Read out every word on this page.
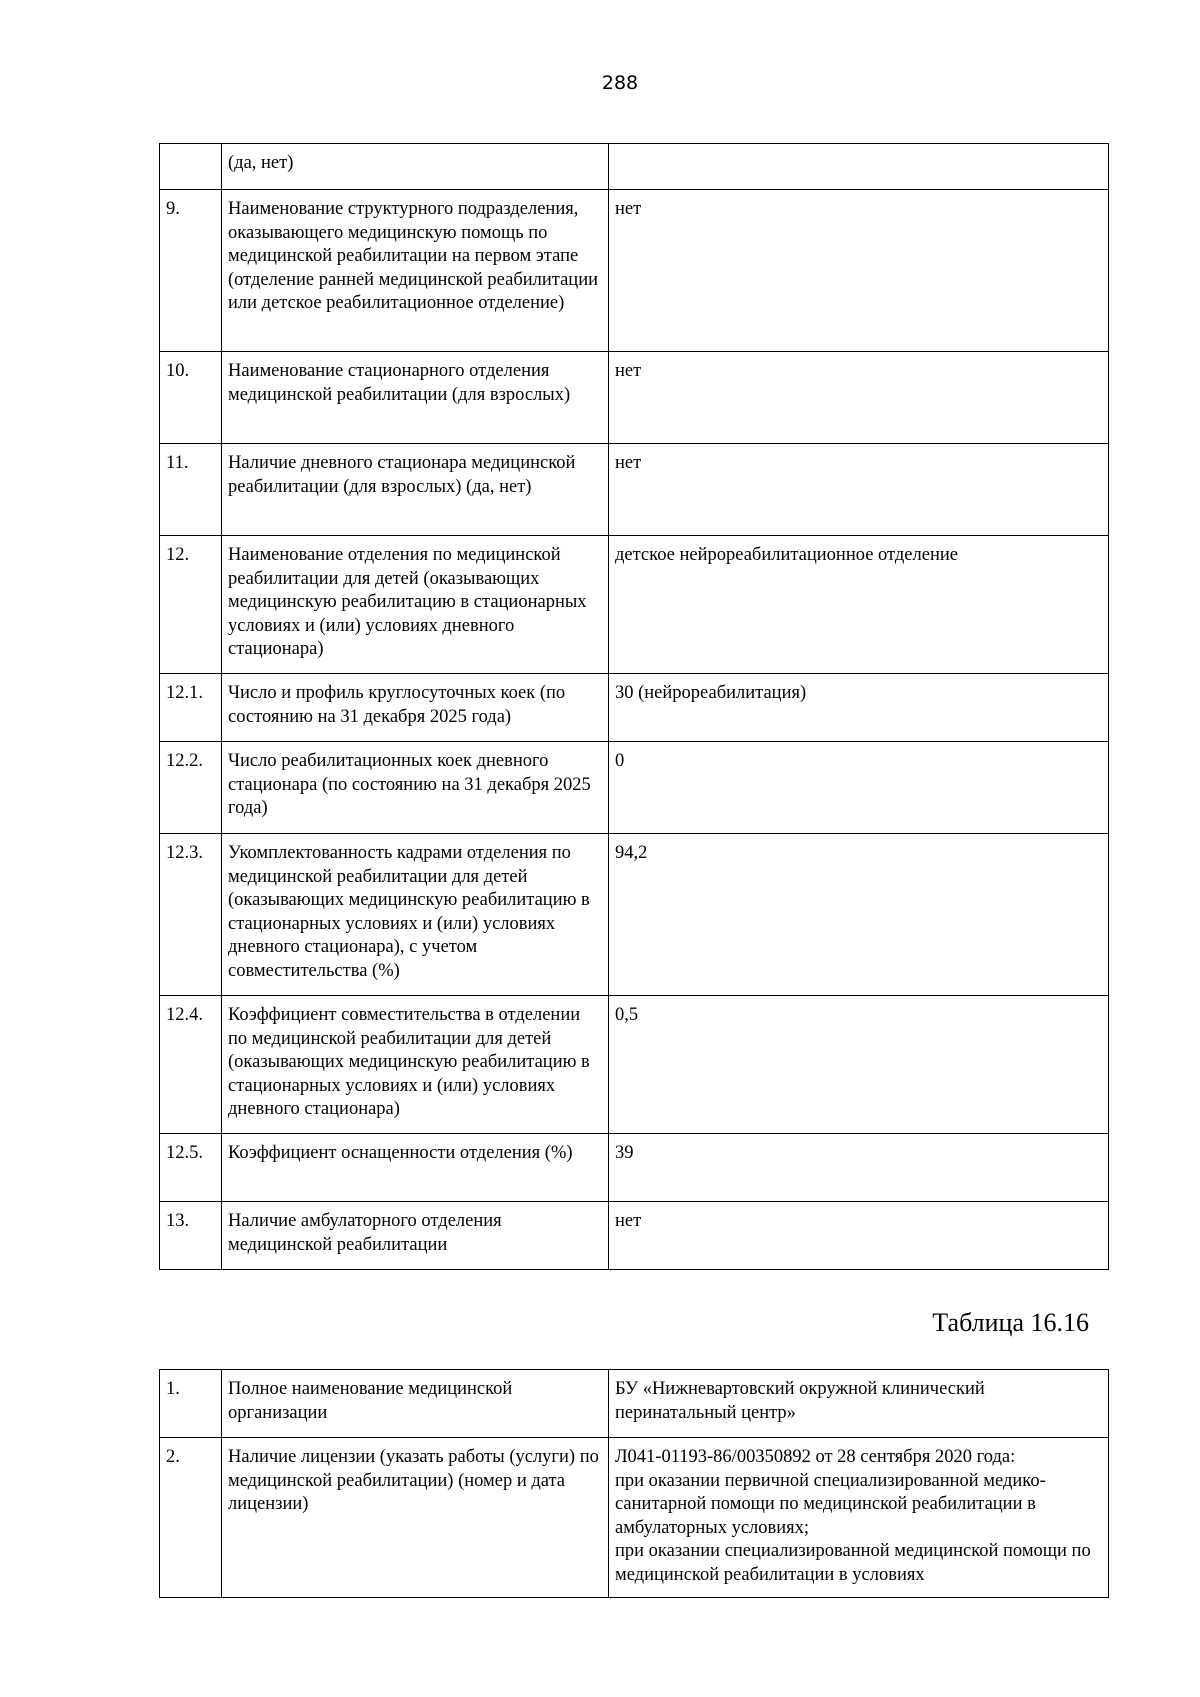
288
	(да, нет)	
9.	Наименование структурного подразделения, оказывающего медицинскую помощь по медицинской реабилитации на первом этапе (отделение ранней медицинской реабилитации или детское реабилитационное отделение)	нет
10.	Наименование стационарного отделения медицинской реабилитации (для взрослых)	нет
11.	Наличие дневного стационара медицинской реабилитации (для взрослых) (да, нет)	нет
12.	Наименование отделения по медицинской реабилитации для детей (оказывающих медицинскую реабилитацию в стационарных условиях и (или) условиях дневного стационара)	детское нейрореабилитационное отделение
12.1.	Число и профиль круглосуточных коек (по состоянию на 31 декабря 2025 года)	30 (нейрореабилитация)
12.2.	Число реабилитационных коек дневного стационара (по состоянию на 31 декабря 2025 года)	0
12.3.	Укомплектованность кадрами отделения по медицинской реабилитации для детей (оказывающих медицинскую реабилитацию в стационарных условиях и (или) условиях дневного стационара), с учетом совместительства (%)	94,2
12.4.	Коэффициент совместительства в отделении по медицинской реабилитации для детей (оказывающих медицинскую реабилитацию в стационарных условиях и (или) условиях дневного стационара)	0,5
12.5.	Коэффициент оснащенности отделения (%)	39
13.	Наличие амбулаторного отделения медицинской реабилитации	нет
Таблица 16.16
1.	Полное наименование медицинской организации	БУ «Нижневартовский окружной клинический перинатальный центр»
2.	Наличие лицензии (указать работы (услуги) по медицинской реабилитации) (номер и дата лицензии)	Л041-01193-86/00350892 от 28 сентября 2020 года:
при оказании первичной специализированной медико-санитарной помощи по медицинской реабилитации в амбулаторных условиях;
при оказании специализированной медицинской помощи по медицинской реабилитации в условиях
